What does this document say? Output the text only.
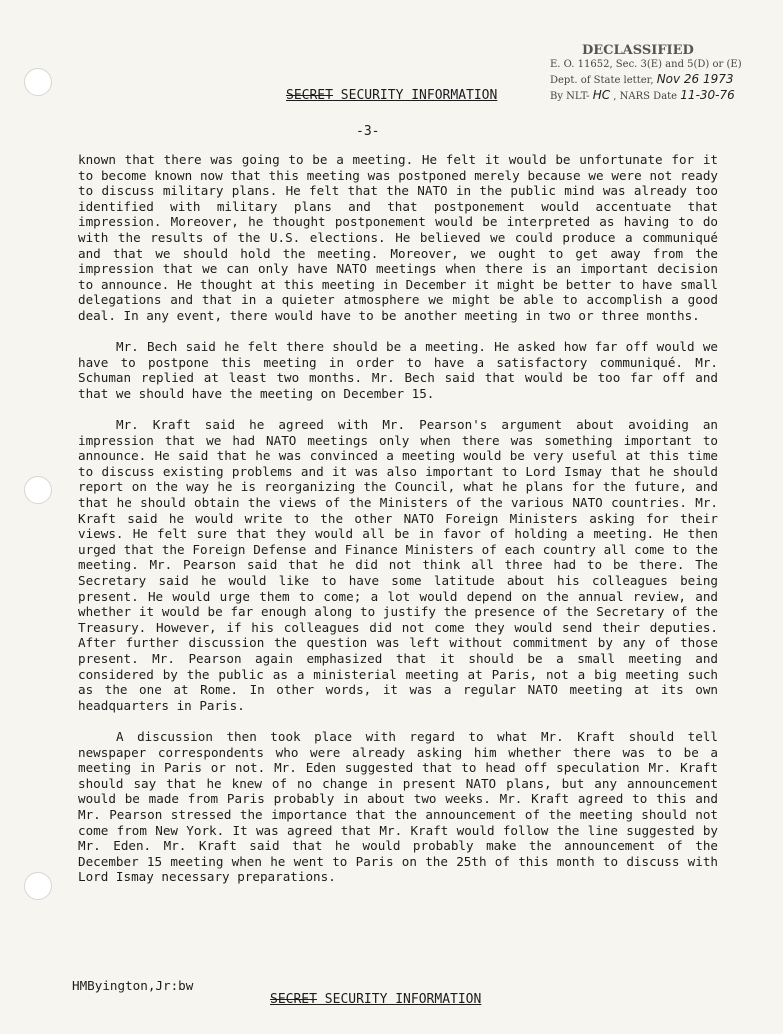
DECLASSIFIED
E. O. 11652, Sec. 3(E) and 5(D) or (E)
Dept. of State letter, Nov 26 1973
By NLT- HC , NARS Date 11-30-76
SECRET SECURITY INFORMATION
-3-

known that there was going to be a meeting. He felt it would be unfortunate for it to become known now that this meeting was postponed merely because we were not ready to discuss military plans. He felt that the NATO in the public mind was already too identified with military plans and that postponement would accentuate that impression. Moreover, he thought postponement would be interpreted as having to do with the results of the U.S. elections. He believed we could produce a communiqué and that we should hold the meeting. Moreover, we ought to get away from the impression that we can only have NATO meetings when there is an important decision to announce. He thought at this meeting in December it might be better to have small delegations and that in a quieter atmosphere we might be able to accomplish a good deal. In any event, there would have to be another meeting in two or three months.

Mr. Bech said he felt there should be a meeting. He asked how far off would we have to postpone this meeting in order to have a satisfactory communiqué. Mr. Schuman replied at least two months. Mr. Bech said that would be too far off and that we should have the meeting on December 15.

Mr. Kraft said he agreed with Mr. Pearson's argument about avoiding an impression that we had NATO meetings only when there was something important to announce. He said that he was convinced a meeting would be very useful at this time to discuss existing problems and it was also important to Lord Ismay that he should report on the way he is reorganizing the Council, what he plans for the future, and that he should obtain the views of the Ministers of the various NATO countries. Mr. Kraft said he would write to the other NATO Foreign Ministers asking for their views. He felt sure that they would all be in favor of holding a meeting. He then urged that the Foreign Defense and Finance Ministers of each country all come to the meeting. Mr. Pearson said that he did not think all three had to be there. The Secretary said he would like to have some latitude about his colleagues being present. He would urge them to come; a lot would depend on the annual review, and whether it would be far enough along to justify the presence of the Secretary of the Treasury. However, if his colleagues did not come they would send their deputies. After further discussion the question was left without commitment by any of those present. Mr. Pearson again emphasized that it should be a small meeting and considered by the public as a ministerial meeting at Paris, not a big meeting such as the one at Rome. In other words, it was a regular NATO meeting at its own headquarters in Paris.

A discussion then took place with regard to what Mr. Kraft should tell newspaper correspondents who were already asking him whether there was to be a meeting in Paris or not. Mr. Eden suggested that to head off speculation Mr. Kraft should say that he knew of no change in present NATO plans, but any announcement would be made from Paris probably in about two weeks. Mr. Kraft agreed to this and Mr. Pearson stressed the importance that the announcement of the meeting should not come from New York. It was agreed that Mr. Kraft would follow the line suggested by Mr. Eden. Mr. Kraft said that he would probably make the announcement of the December 15 meeting when he went to Paris on the 25th of this month to discuss with Lord Ismay necessary preparations.

HMByington,Jr:bw
SECRET SECURITY INFORMATION
